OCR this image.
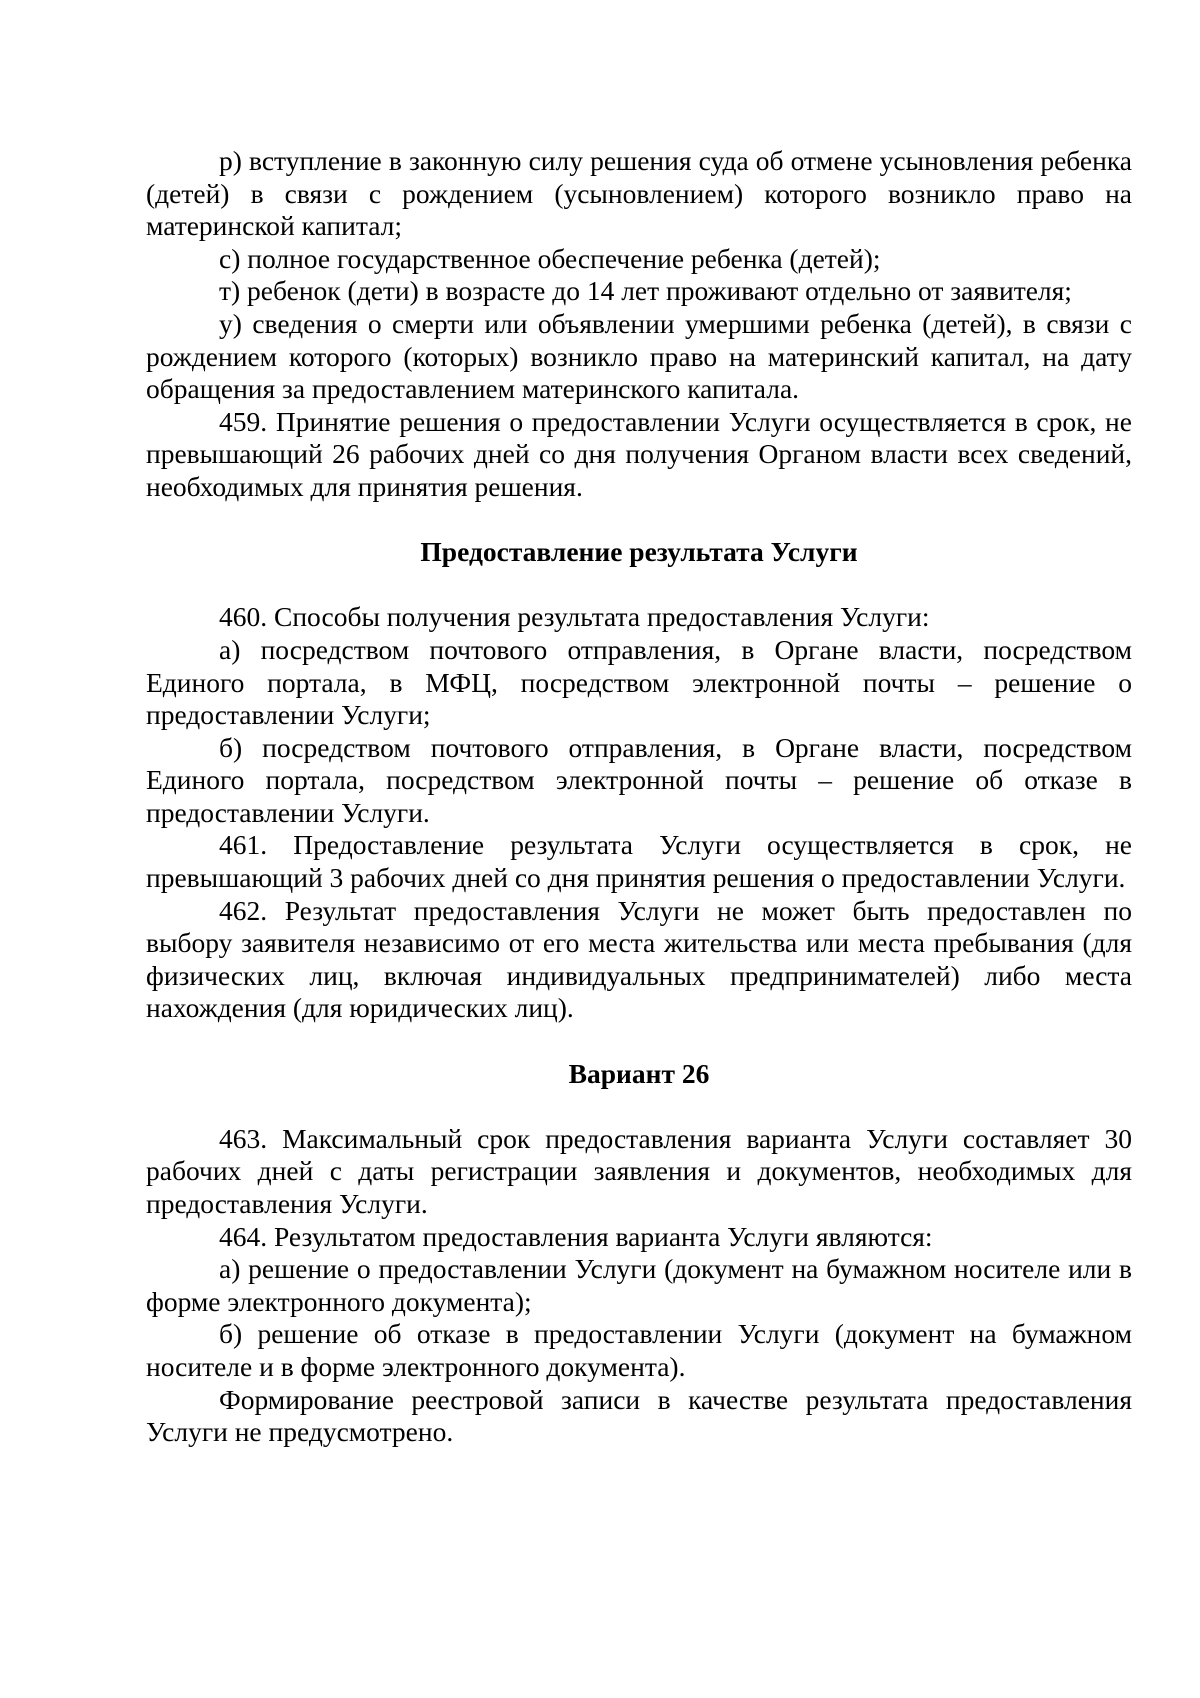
р) вступление в законную силу решения суда об отмене усыновления ребенка (детей) в связи с рождением (усыновлением) которого возникло право на материнской капитал;

с) полное государственное обеспечение ребенка (детей);

т) ребенок (дети) в возрасте до 14 лет проживают отдельно от заявителя;

у) сведения о смерти или объявлении умершими ребенка (детей), в связи с рождением которого (которых) возникло право на материнский капитал, на дату обращения за предоставлением материнского капитала.

459. Принятие решения о предоставлении Услуги осуществляется в срок, не превышающий 26 рабочих дней со дня получения Органом власти всех сведений, необходимых для принятия решения.

Предоставление результата Услуги

460. Способы получения результата предоставления Услуги:

а) посредством почтового отправления, в Органе власти, посредством Единого портала, в МФЦ, посредством электронной почты – решение о предоставлении Услуги;

б) посредством почтового отправления, в Органе власти, посредством Единого портала, посредством электронной почты – решение об отказе в предоставлении Услуги.

461. Предоставление результата Услуги осуществляется в срок, не превышающий 3 рабочих дней со дня принятия решения о предоставлении Услуги.

462. Результат предоставления Услуги не может быть предоставлен по выбору заявителя независимо от его места жительства или места пребывания (для физических лиц, включая индивидуальных предпринимателей) либо места нахождения (для юридических лиц).

Вариант 26

463. Максимальный срок предоставления варианта Услуги составляет 30 рабочих дней с даты регистрации заявления и документов, необходимых для предоставления Услуги.

464. Результатом предоставления варианта Услуги являются:

а) решение о предоставлении Услуги (документ на бумажном носителе или в форме электронного документа);

б) решение об отказе в предоставлении Услуги (документ на бумажном носителе и в форме электронного документа).

Формирование реестровой записи в качестве результата предоставления Услуги не предусмотрено.
